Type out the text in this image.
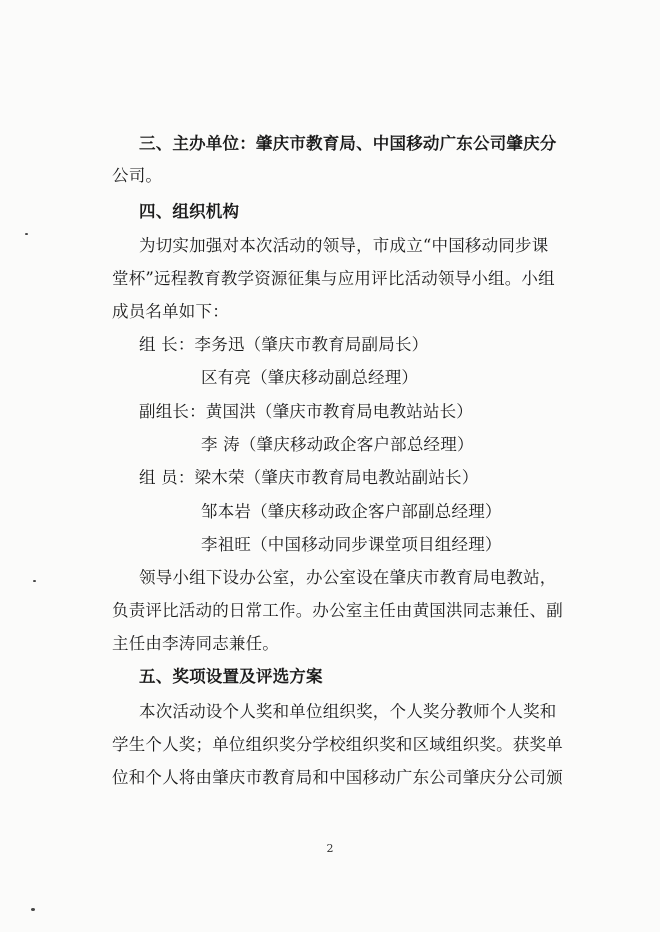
三、主办单位：肇庆市教育局、中国移动广东公司肇庆分
公司。
四、组织机构
为切实加强对本次活动的领导，市成立“中国移动同步课
堂杯”远程教育教学资源征集与应用评比活动领导小组。小组
成员名单如下：
组 长：李务迅（肇庆市教育局副局长）
区有亮（肇庆移动副总经理）
副组长：黄国洪（肇庆市教育局电教站站长）
李 涛（肇庆移动政企客户部总经理）
组 员：梁木荣（肇庆市教育局电教站副站长）
邹本岩（肇庆移动政企客户部副总经理）
李祖旺（中国移动同步课堂项目组经理）
领导小组下设办公室，办公室设在肇庆市教育局电教站，
负责评比活动的日常工作。办公室主任由黄国洪同志兼任、副
主任由李涛同志兼任。
五、奖项设置及评选方案
本次活动设个人奖和单位组织奖，个人奖分教师个人奖和
学生个人奖；单位组织奖分学校组织奖和区域组织奖。获奖单
位和个人将由肇庆市教育局和中国移动广东公司肇庆分公司颁
2
